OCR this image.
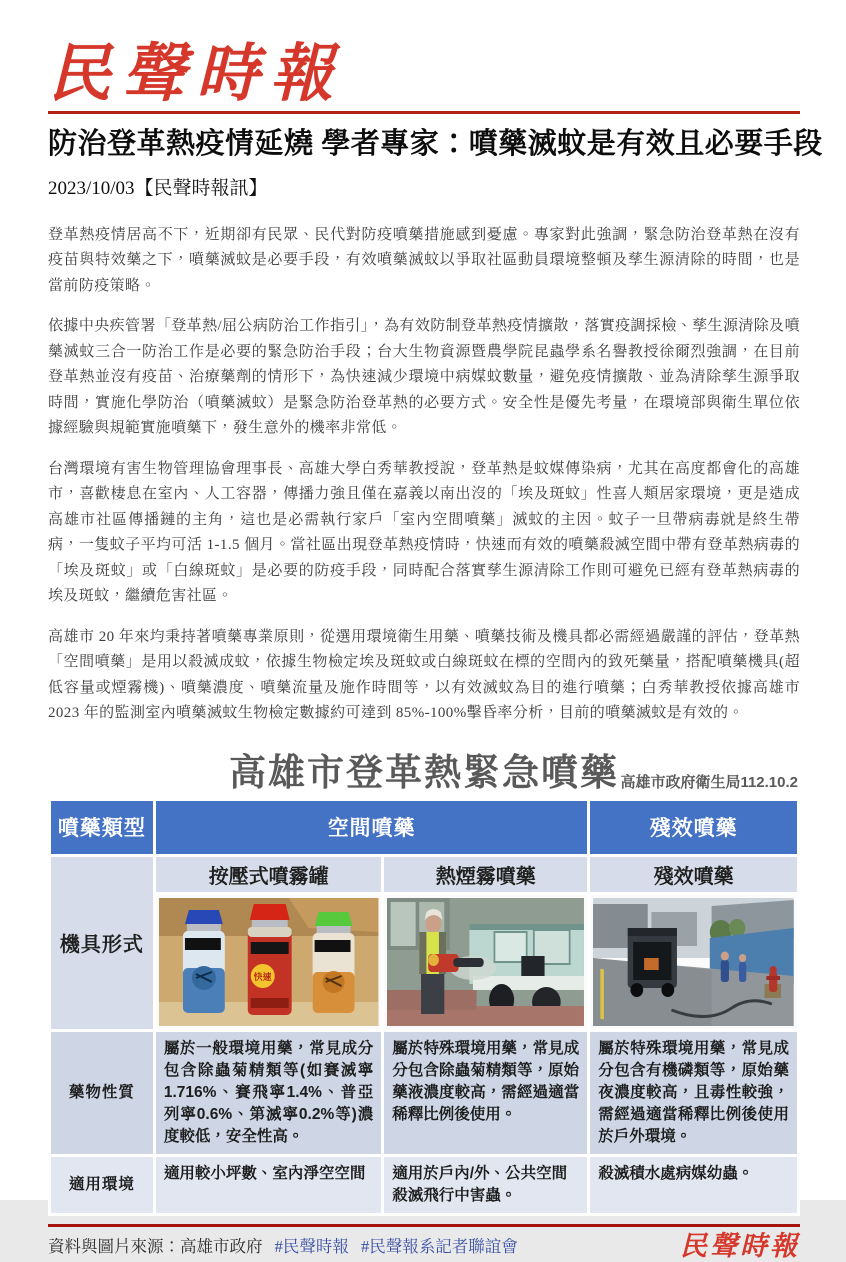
民聲時報
防治登革熱疫情延燒 學者專家：噴藥滅蚊是有效且必要手段
2023/10/03【民聲時報訊】

登革熱疫情居高不下，近期卻有民眾、民代對防疫噴藥措施感到憂慮。專家對此強調，緊急防治登革熱在沒有疫苗與特效藥之下，噴藥滅蚊是必要手段，有效噴藥滅蚊以爭取社區動員環境整頓及孳生源清除的時間，也是當前防疫策略。

依據中央疾管署「登革熱/屈公病防治工作指引」，為有效防制登革熱疫情擴散，落實疫調採檢、孳生源清除及噴藥滅蚊三合一防治工作是必要的緊急防治手段；台大生物資源暨農學院昆蟲學系名譽教授徐爾烈強調，在目前登革熱並沒有疫苗、治療藥劑的情形下，為快速減少環境中病媒蚊數量，避免疫情擴散、並為清除孳生源爭取時間，實施化學防治（噴藥滅蚊）是緊急防治登革熱的必要方式。安全性是優先考量，在環境部與衛生單位依據經驗與規範實施噴藥下，發生意外的機率非常低。

台灣環境有害生物管理協會理事長、高雄大學白秀華教授說，登革熱是蚊媒傳染病，尤其在高度都會化的高雄市，喜歡棲息在室內、人工容器，傳播力強且僅在嘉義以南出沒的「埃及斑蚊」性喜人類居家環境，更是造成高雄市社區傳播鏈的主角，這也是必需執行家戶「室內空間噴藥」滅蚊的主因。蚊子一旦帶病毒就是終生帶病，一隻蚊子平均可活 1-1.5 個月。當社區出現登革熱疫情時，快速而有效的噴藥殺滅空間中帶有登革熱病毒的「埃及斑蚊」或「白線斑蚊」是必要的防疫手段，同時配合落實孳生源清除工作則可避免已經有登革熱病毒的埃及斑蚊，繼續危害社區。

高雄市 20 年來均秉持著噴藥專業原則，從選用環境衛生用藥、噴藥技術及機具都必需經過嚴謹的評估，登革熱「空間噴藥」是用以殺滅成蚊，依據生物檢定埃及斑蚊或白線斑蚊在標的空間內的致死藥量，搭配噴藥機具(超低容量或煙霧機)、噴藥濃度、噴藥流量及施作時間等，以有效滅蚊為目的進行噴藥；白秀華教授依據高雄市 2023 年的監測室內噴藥滅蚊生物檢定數據約可達到 85%-100%擊昏率分析，目前的噴藥滅蚊是有效的。

高雄市登革熱緊急噴藥 高雄市政府衛生局112.10.2
噴藥類型	空間噴藥		殘效噴藥
機具形式	按壓式噴霧罐	熱煙霧噴藥	殘效噴藥

快速

藥物性質	屬於一般環境用藥，常見成分包含除蟲菊精類等(如賽滅寧1.716%、賽飛寧1.4%、普亞列寧0.6%、第滅寧0.2%等)濃度較低，安全性高。	屬於特殊環境用藥，常見成分包含除蟲菊精類等，原始藥液濃度較高，需經過適當稀釋比例後使用。	屬於特殊環境用藥，常見成分包含有機磷類等，原始藥夜濃度較高，且毒性較強，需經過適當稀釋比例後使用於戶外環境。
適用環境	適用較小坪數、室內淨空空間	適用於戶內/外、公共空間殺滅飛行中害蟲。	殺滅積水處病媒幼蟲。
資料與圖片來源：高雄市政府 #民聲時報 #民聲報系記者聯誼會	民聲時報
